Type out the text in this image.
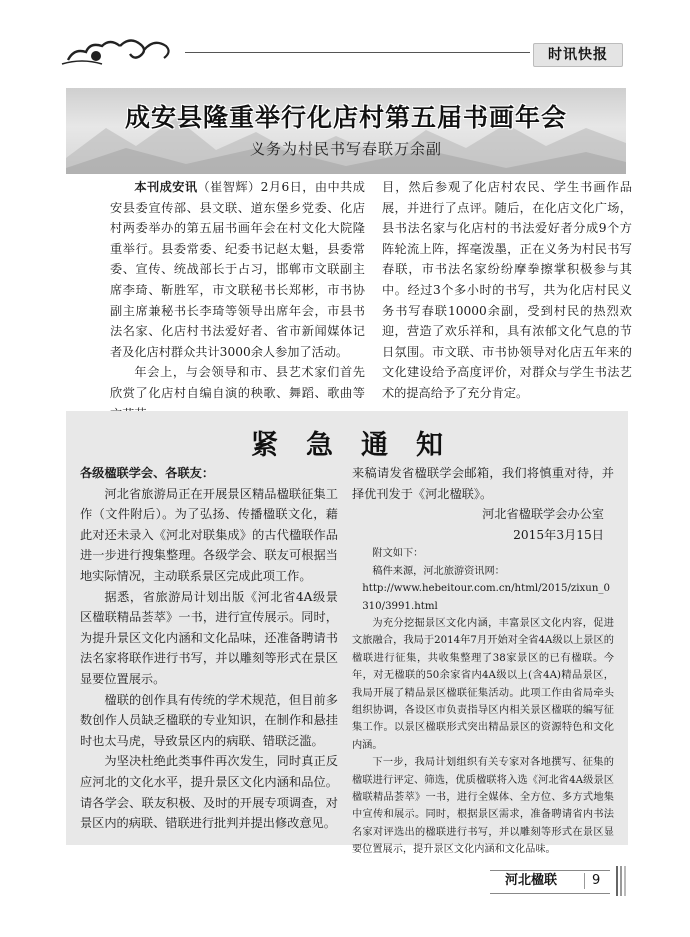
时讯快报
成安县隆重举行化店村第五届书画年会
义务为村民书写春联万余副

本刊成安讯（崔智辉）2月6日，由中共成安县委宣传部、县文联、道东堡乡党委、化店村两委举办的第五届书画年会在村文化大院隆重举行。县委常委、纪委书记赵太魁，县委常委、宣传、统战部长于占习，邯郸市文联副主席李琦、靳胜军，市文联秘书长郑彬，市书协副主席兼秘书长李琦等领导出席年会，市县书法名家、化店村书法爱好者、省市新闻媒体记者及化店村群众共计3000余人参加了活动。

年会上，与会领导和市、县艺术家们首先欣赏了化店村自编自演的秧歌、舞蹈、歌曲等

目，然后参观了化店村农民、学生书画作品展，并进行了点评。随后，在化店文化广场，县书法名家与化店村的书法爱好者分成9个方阵轮流上阵，挥毫泼墨，正在义务为村民书写春联，市书法名家纷纷摩拳擦掌积极参与其中。经过3个多小时的书写，共为化店村民义务书写春联10000余副，受到村民的热烈欢迎，营造了欢乐祥和，具有浓郁文化气息的节日氛围。市文联、市书协领导对化店五年来的文化建设给予高度评价，对群众与学生书法艺术的提高给予了充分肯定。

紧急通知

各级楹联学会、各联友：

河北省旅游局正在开展景区精品楹联征集工作（文件附后）。为了弘扬、传播楹联文化，藉此对还未录入《河北对联集成》的古代楹联作品进一步进行搜集整理。各级学会、联友可根据当地实际情况，主动联系景区完成此项工作。

据悉，省旅游局计划出版《河北省4A级景区楹联精品荟萃》一书，进行宣传展示。同时，为提升景区文化内涵和文化品味，还准备聘请书法名家将联作进行书写，并以雕刻等形式在景区显要位置展示。

楹联的创作具有传统的学术规范，但目前多数创作人员缺乏楹联的专业知识，在制作和悬挂时也太马虎，导致景区内的病联、错联泛滥。

为坚决杜绝此类事件再次发生，同时真正反应河北的文化水平，提升景区文化内涵和品位。请各学会、联友积极、及时的开展专项调查，对景区内的病联、错联进行批判并提出修改意见。

来稿请发省楹联学会邮箱，我们将慎重对待，并择优刊发于《河北楹联》。

河北省楹联学会办公室

2015年3月15日

附文如下：

稿件来源，河北旅游资讯网：

http://www.hebeitour.com.cn/html/2015/zixun_0310/3991.html

为充分挖掘景区文化内涵，丰富景区文化内容，促进文旅融合，我局于2014年7月开始对全省4A级以上景区的楹联进行征集，共收集整理了38家景区的已有楹联。今年，对无楹联的50余家省内4A级以上(含4A)精品景区，我局开展了精品景区楹联征集活动。此项工作由省局牵头组织协调，各设区市负责指导区内相关景区楹联的编写征集工作。以景区楹联形式突出精品景区的资源特色和文化内涵。

下一步，我局计划组织有关专家对各地撰写、征集的楹联进行评定、筛选，优质楹联将入选《河北省4A级景区楹联精品荟萃》一书，进行全媒体、全方位、多方式地集中宣传和展示。同时，根据景区需求，准备聘请省内书法名家对评选出的楹联进行书写，并以雕刻等形式在景区显要位置展示，提升景区文化内涵和文化品味。

河北楹联	9
